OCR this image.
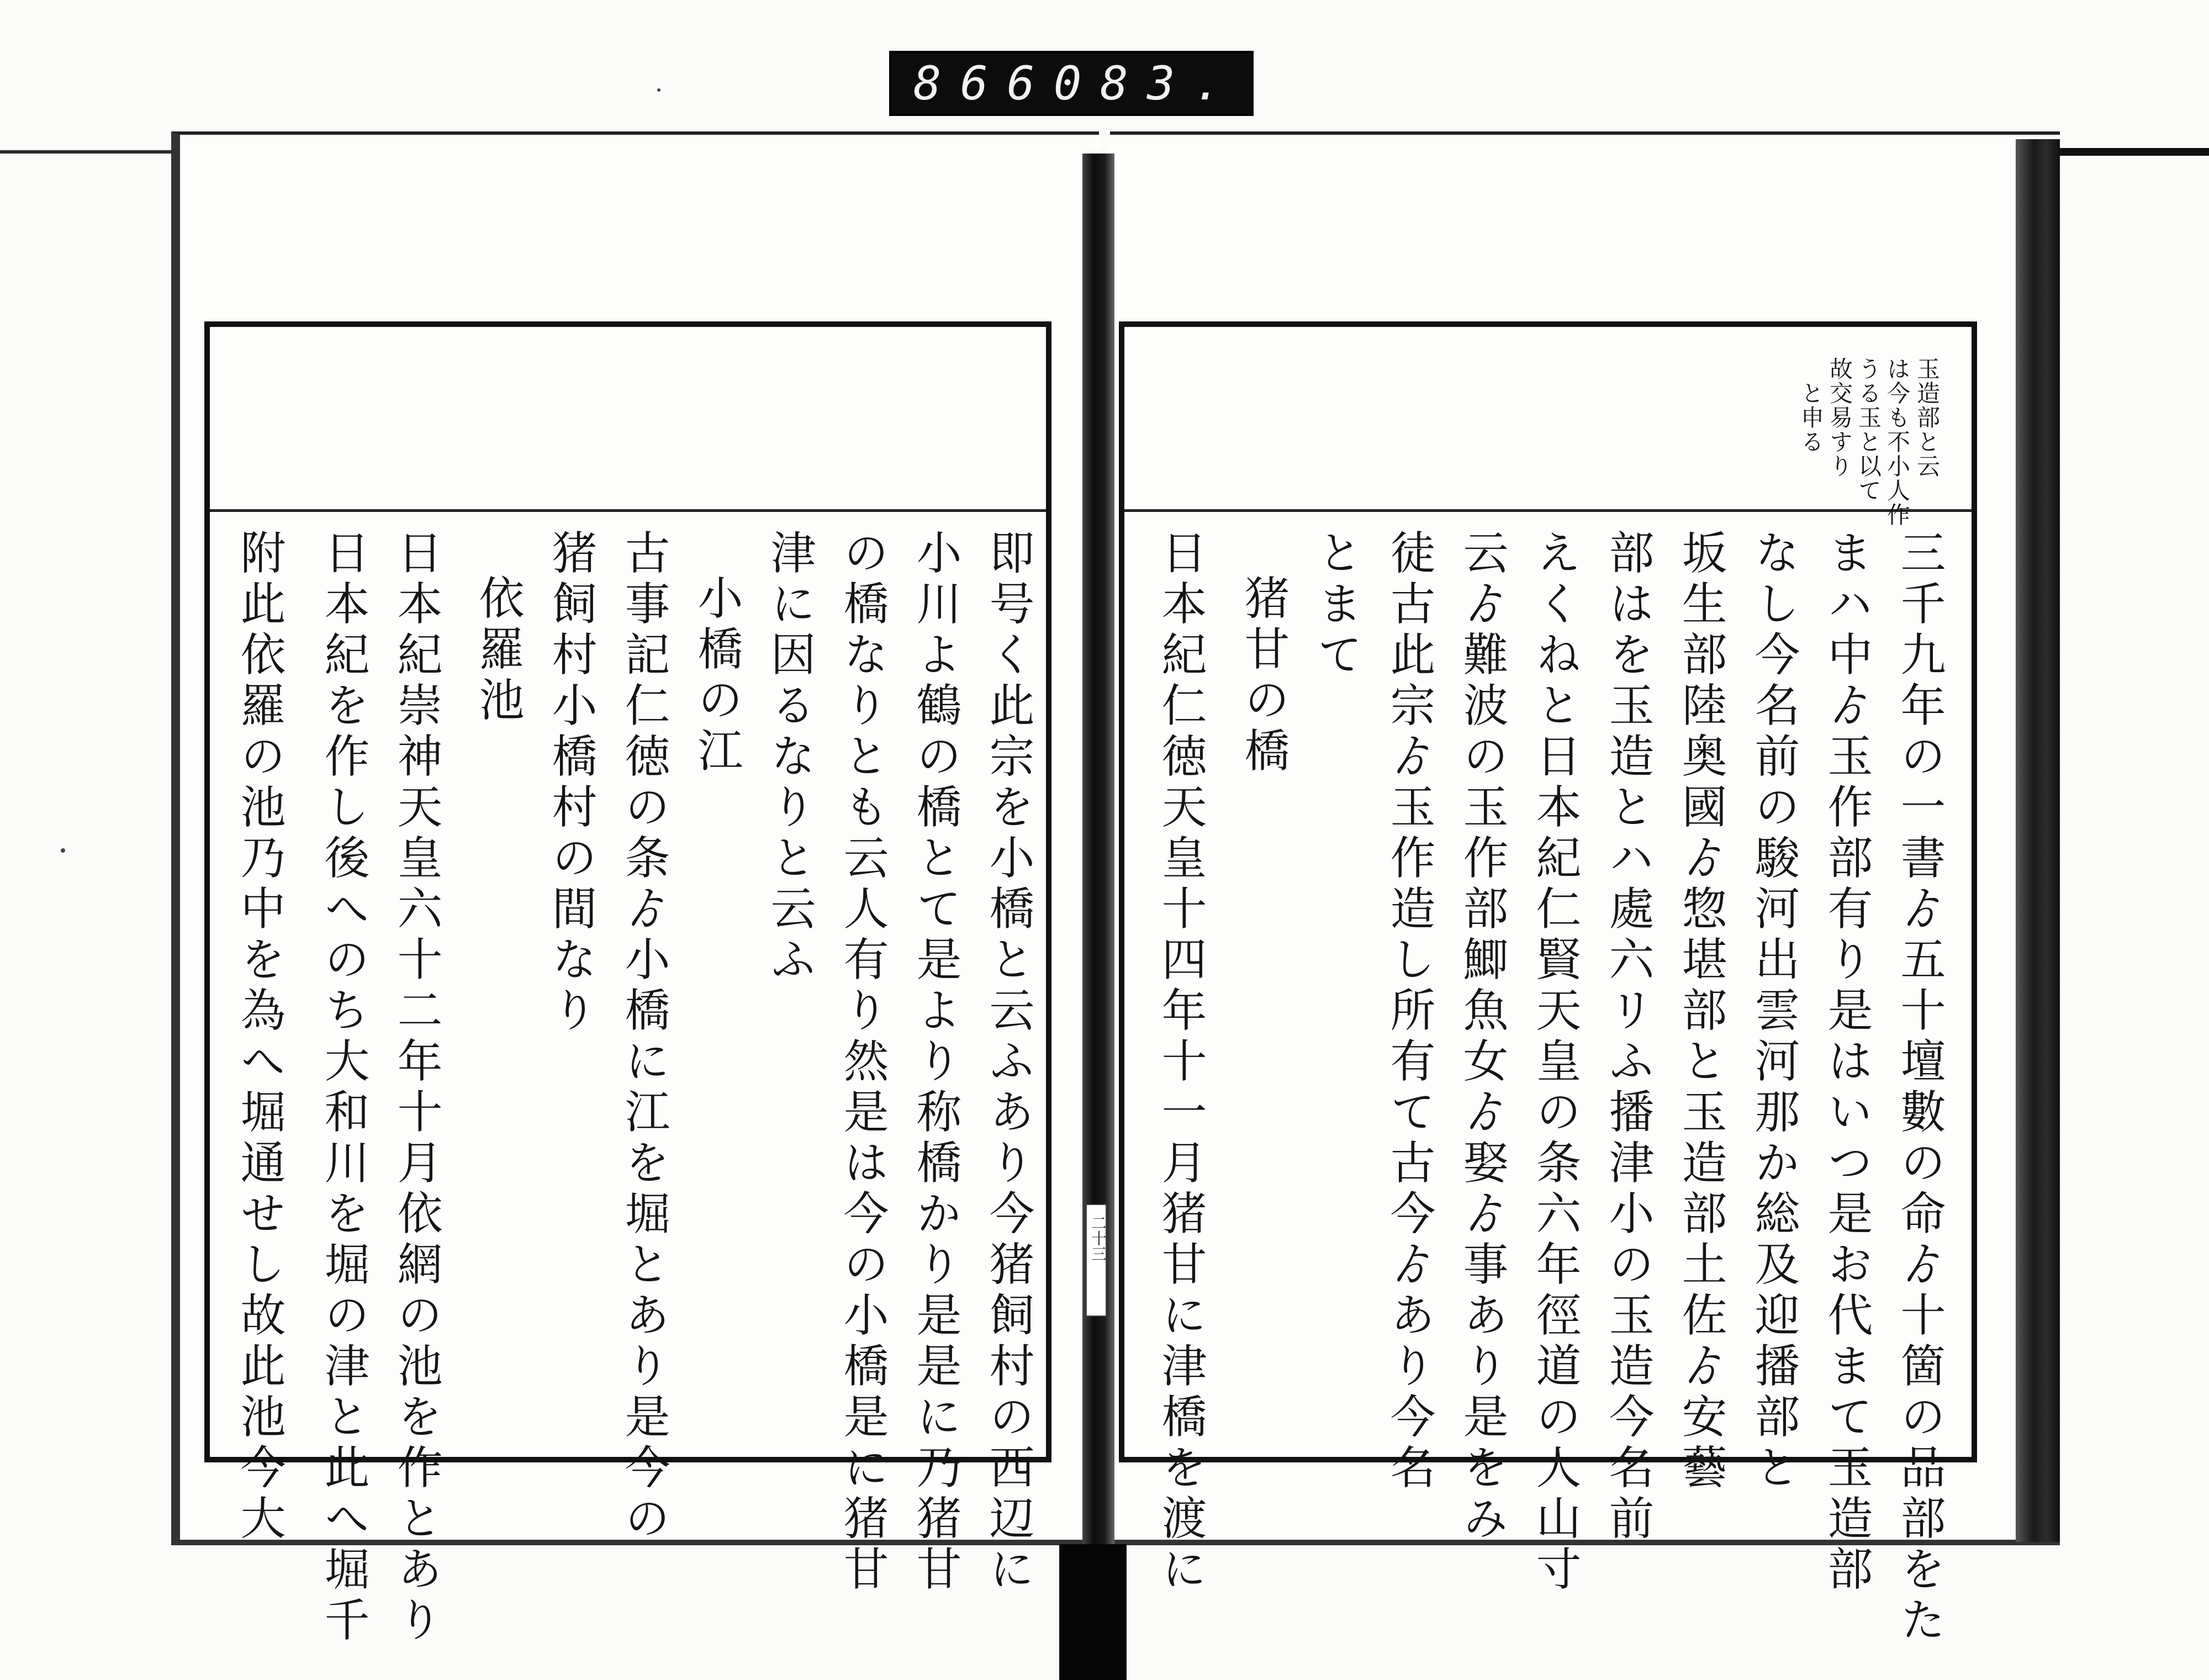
866 083.
玉造部と云
は今も不小人作
うる玉と以て
故交易すり
と申る
三千九年の一書ゟ五十壇數の命ゟ十箇の品部をた
まハ中ゟ玉作部有り是はいつ是お代まて玉造部
なし今名前の駿河出雲河那か総及迎播部と
坂生部陸奥國ゟ惣堪部と玉造部土佐ゟ安藝
部はを玉造とハ處六リふ播津小の玉造今名前
えくねと日本紀仁賢天皇の条六年徑道の人山寸
云ゟ難波の玉作部鯽魚女ゟ娶ゟ事あり是をみ
徒古此宗ゟ玉作造し所有て古今ゟあり今名
とまて
猪甘の橋
日本紀仁徳天皇十四年十一月猪甘に津橋を渡に
二十三
即号く此宗を小橋と云ふあり今猪飼村の西辺に
小川よ鶴の橋とて是より称橋かり是是に乃猪甘
の橋なりとも云人有り然是は今の小橋是に猪甘
津に因るなりと云ふ
小橋の江
古事記仁徳の条ゟ小橋に江を堀とあり是今の
猪飼村小橋村の間なり
依羅池
日本紀崇神天皇六十二年十月依網の池を作とあり
日本紀を作し後へのち大和川を堀の津と此へ堀千
附此依羅の池乃中を為へ堀通せし故此池今大
